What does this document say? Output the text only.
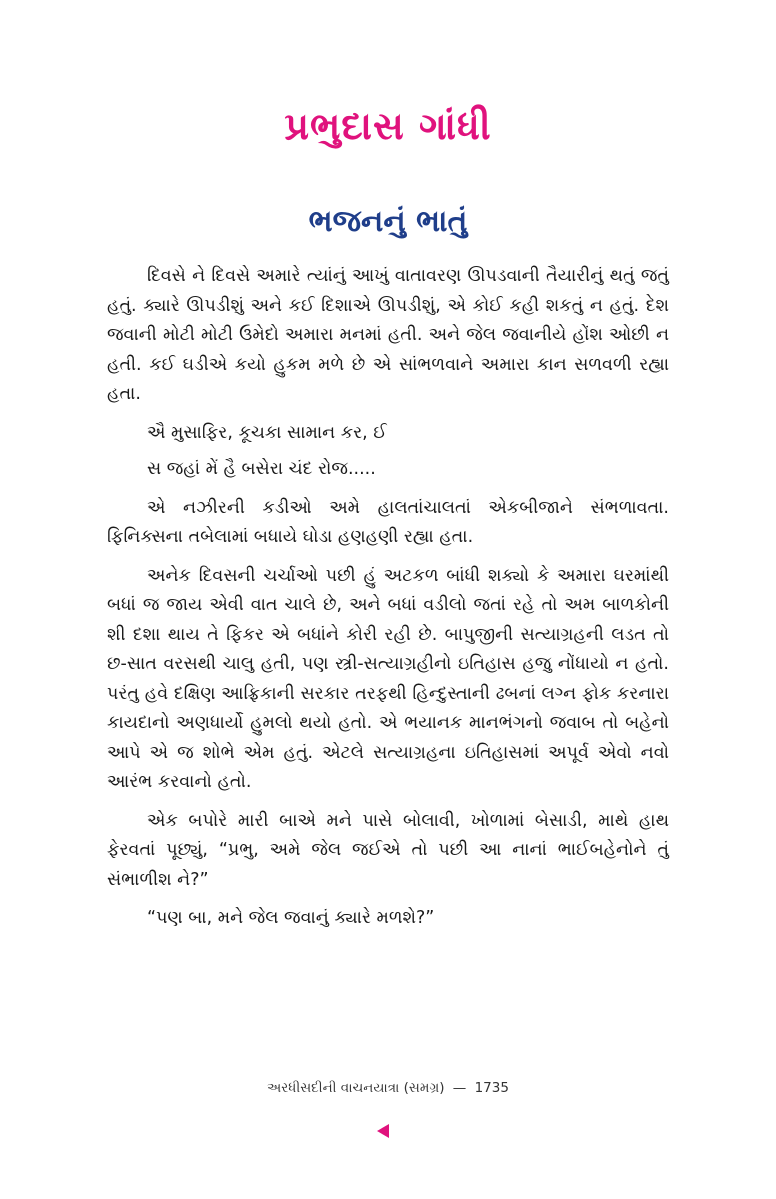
પ્રભુદાસ ગાંધી
ભજનનું ભાતું

દિવસે ને દિવસે અમારે ત્યાંનું આખું વાતાવરણ ઊપડવાની તૈયારીનું થતું જતું હતું. ક્યારે ઊપડીશું અને કઈ દિશાએ ઊપડીશું, એ કોઈ કહી શકતું ન હતું. દેશ જવાની મોટી મોટી ઉમેદો અમારા મનમાં હતી. અને જેલ જવાનીયે હોંશ ઓછી ન હતી. કઈ ઘડીએ કયો હુકમ મળે છે એ સાંભળવાને અમારા કાન સળવળી રહ્યા હતા.

ઐ મુસાફિર, કૂચકા સામાન કર, ઈ
સ જહાં મેં હૈ બસેરા ચંદ રોજ.....

એ નઝીરની કડીઓ અમે હાલતાંચાલતાં એકબીજાને સંભળાવતા. ફિનિક્સના તબેલામાં બધાયે ઘોડા હણહણી રહ્યા હતા.

અનેક દિવસની ચર્ચાઓ પછી હું અટકળ બાંધી શક્યો કે અમારા ઘરમાંથી બધાં જ જાય એવી વાત ચાલે છે, અને બધાં વડીલો જતાં રહે તો અમ બાળકોની શી દશા થાય તે ફિકર એ બધાંને કોરી રહી છે. બાપુજીની સત્યાગ્રહની લડત તો છ-સાત વરસથી ચાલુ હતી, પણ સ્ત્રી-સત્યાગ્રહીનો ઇતિહાસ હજુ નોંધાયો ન હતો. પરંતુ હવે દક્ષિણ આફ્રિકાની સરકાર તરફથી હિન્દુસ્તાની ઢબનાં લગ્ન ફોક કરનારા કાયદાનો અણધાર્યો હુમલો થયો હતો. એ ભયાનક માનભંગનો જવાબ તો બહેનો આપે એ જ શોભે એમ હતું. એટલે સત્યાગ્રહના ઇતિહાસમાં અપૂર્વ એવો નવો આરંભ કરવાનો હતો.

એક બપોરે મારી બાએ મને પાસે બોલાવી, ખોળામાં બેસાડી, માથે હાથ ફેરવતાં પૂછ્યું, “પ્રભુ, અમે જેલ જઈએ તો પછી આ નાનાં ભાઈબહેનોને તું સંભાળીશ ને?”

“પણ બા, મને જેલ જવાનું ક્યારે મળશે?”

અરધીસદીની વાચનયાત્રા (સમગ્ર) — 1735
